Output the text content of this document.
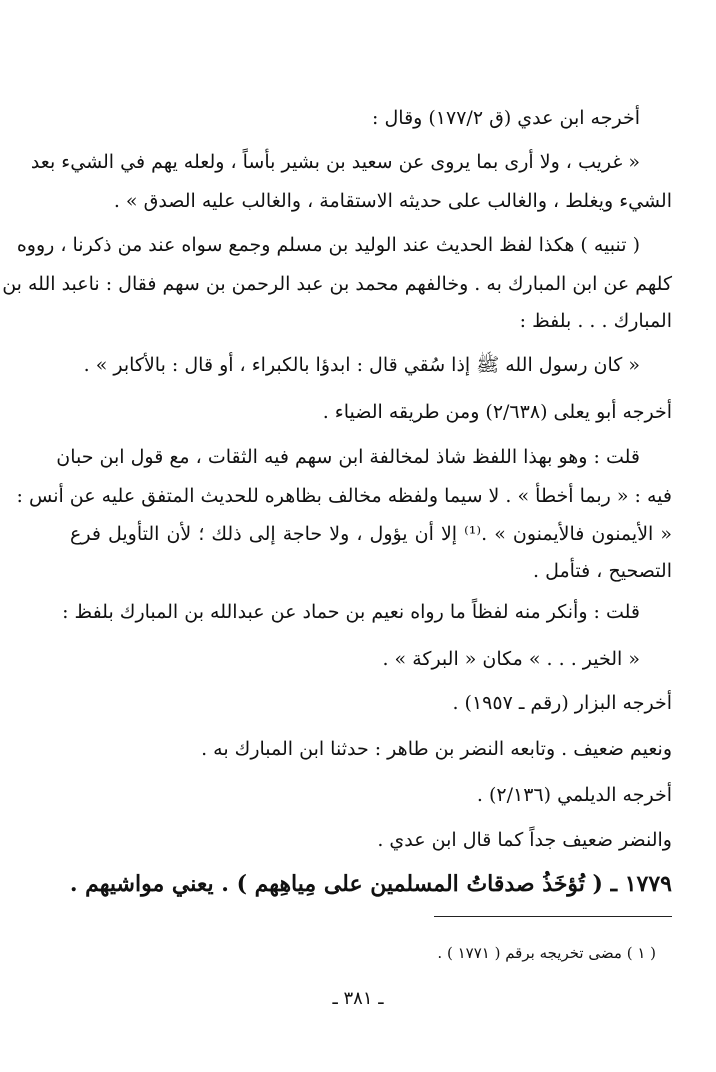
أخرجه ابن عدي (ق ١٧٧/٢) وقال :
« غريب ، ولا أرى بما يروى عن سعيد بن بشير بأساً ، ولعله يهم في الشيء بعد
الشيء ويغلط ، والغالب على حديثه الاستقامة ، والغالب عليه الصدق » .
( تنبيه ) هكذا لفظ الحديث عند الوليد بن مسلم وجمع سواه عند من ذكرنا ، رووه
كلهم عن ابن المبارك به . وخالفهم محمد بن عبد الرحمن بن سهم فقال : ناعبد الله بن
المبارك . . . بلفظ :
« كان رسول الله ﷺ إذا سُقي قال : ابدؤا بالكبراء ، أو قال : بالأكابر » .
أخرجه أبو يعلى (٢/٦٣٨) ومن طريقه الضياء .
قلت : وهو بهذا اللفظ شاذ لمخالفة ابن سهم فيه الثقات ، مع قول ابن حبان
فيه : « ربما أخطأ » . لا سيما ولفظه مخالف بظاهره للحديث المتفق عليه عن أنس :
« الأيمنون فالأيمنون » .⁽¹⁾ إلا أن يؤول ، ولا حاجة إلى ذلك ؛ لأن التأويل فرع
التصحيح ، فتأمل .
قلت : وأنكر منه لفظاً ما رواه نعيم بن حماد عن عبدالله بن المبارك بلفظ :
« الخير . . . » مكان « البركة » .
أخرجه البزار (رقم ـ ١٩٥٧) .
ونعيم ضعيف . وتابعه النضر بن طاهر : حدثنا ابن المبارك به .
أخرجه الديلمي (٢/١٣٦) .
والنضر ضعيف جداً كما قال ابن عدي .
١٧٧٩ ـ ( تُؤخَذُ صدقاتُ المسلمين على مِياهِهم ) . يعني مواشيهم .
( ١ ) مضى تخريجه برقم ( ١٧٧١ ) .
ـ ٣٨١ ـ
